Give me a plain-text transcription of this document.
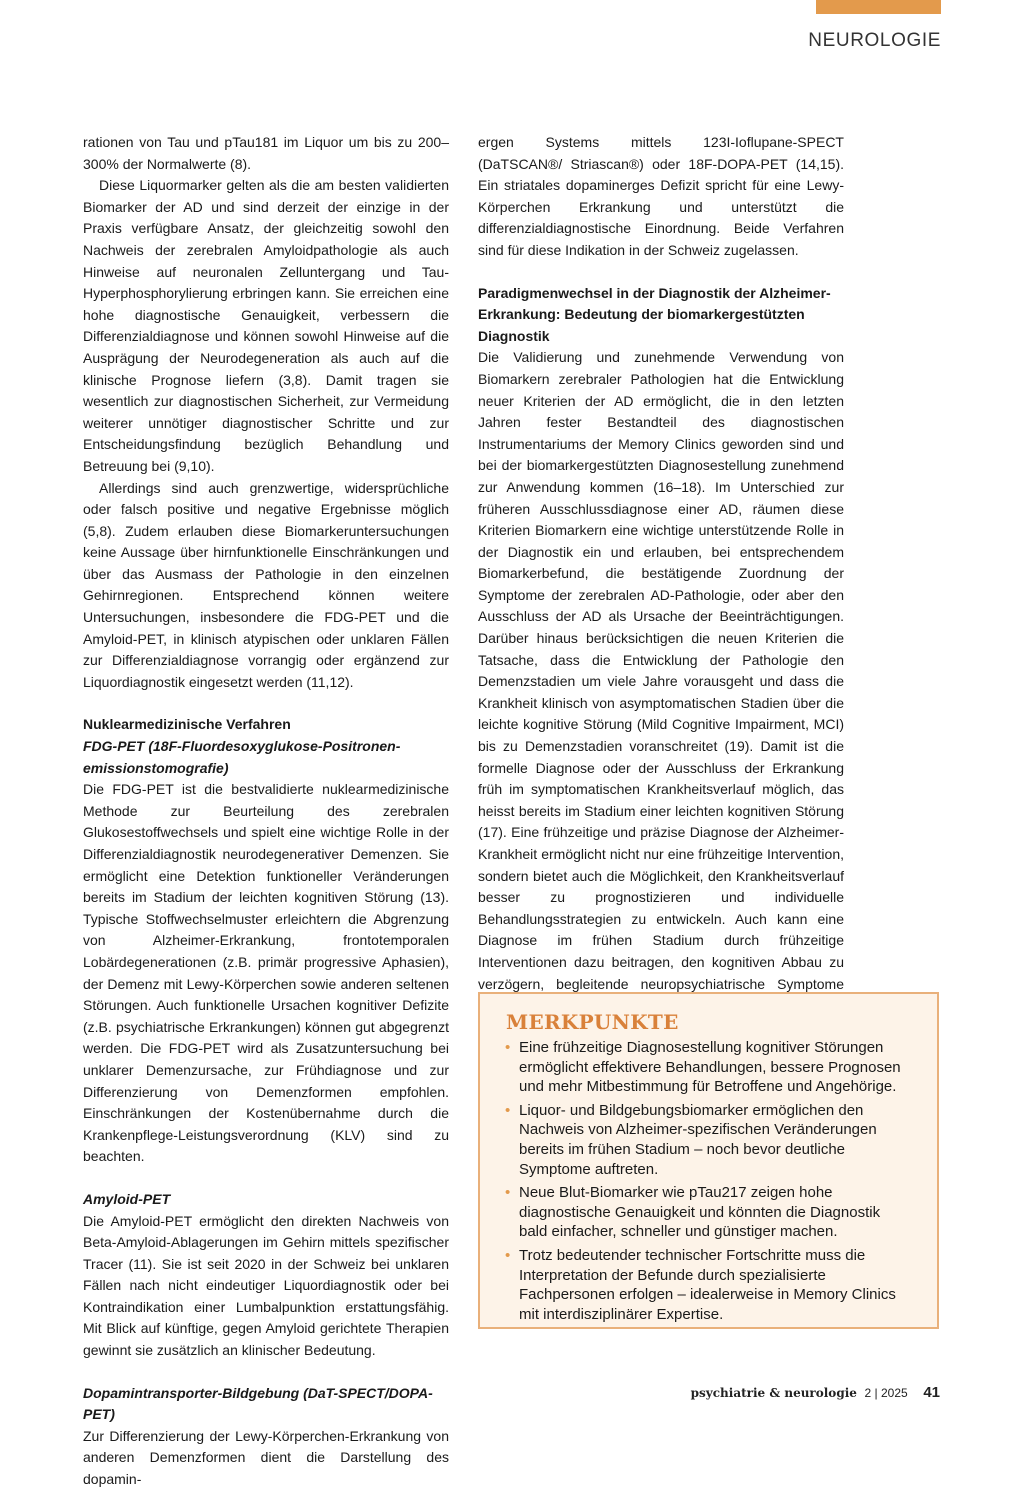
NEUROLOGIE

rationen von Tau und pTau181 im Liquor um bis zu 200–300% der Normalwerte (8).

Diese Liquormarker gelten als die am besten validierten Biomarker der AD und sind derzeit der einzige in der Praxis verfügbare Ansatz, der gleichzeitig sowohl den Nachweis der zerebralen Amyloidpathologie als auch Hinweise auf neuronalen Zelluntergang und Tau-Hyperphosphorylierung erbringen kann. Sie erreichen eine hohe diagnostische Genauigkeit, verbessern die Differenzialdiagnose und können sowohl Hinweise auf die Ausprägung der Neurodegeneration als auch auf die klinische Prognose liefern (3,8). Damit tragen sie wesentlich zur diagnostischen Sicherheit, zur Vermeidung weiterer unnötiger diagnostischer Schritte und zur Entscheidungsfindung bezüglich Behandlung und Betreuung bei (9,10).

Allerdings sind auch grenzwertige, widersprüchliche oder falsch positive und negative Ergebnisse möglich (5,8). Zudem erlauben diese Biomarkeruntersuchungen keine Aussage über hirnfunktionelle Einschränkungen und über das Ausmass der Pathologie in den einzelnen Gehirnregionen. Entsprechend können weitere Untersuchungen, insbesondere die FDG-PET und die Amyloid-PET, in klinisch atypischen oder unklaren Fällen zur Differenzialdiagnose vorrangig oder ergänzend zur Liquordiagnostik eingesetzt werden (11,12).

Nuklearmedizinische Verfahren
FDG-PET (18F-Fluordesoxyglukose-Positronen-emissionstomografie)

Die FDG-PET ist die bestvalidierte nuklearmedizinische Methode zur Beurteilung des zerebralen Glukosestoffwechsels und spielt eine wichtige Rolle in der Differenzialdiagnostik neurodegenerativer Demenzen. Sie ermöglicht eine Detektion funktioneller Veränderungen bereits im Stadium der leichten kognitiven Störung (13). Typische Stoffwechselmuster erleichtern die Abgrenzung von Alzheimer-Erkrankung, frontotemporalen Lobärdegenerationen (z.B. primär progressive Aphasien), der Demenz mit Lewy-Körperchen sowie anderen seltenen Störungen. Auch funktionelle Ursachen kognitiver Defizite (z.B. psychiatrische Erkrankungen) können gut abgegrenzt werden. Die FDG-PET wird als Zusatzuntersuchung bei unklarer Demenzursache, zur Frühdiagnose und zur Differenzierung von Demenzformen empfohlen. Einschränkungen der Kostenübernahme durch die Krankenpflege-Leistungsverordnung (KLV) sind zu beachten.

Amyloid-PET

Die Amyloid-PET ermöglicht den direkten Nachweis von Beta-Amyloid-Ablagerungen im Gehirn mittels spezifischer Tracer (11). Sie ist seit 2020 in der Schweiz bei unklaren Fällen nach nicht eindeutiger Liquordiagnostik oder bei Kontraindikation einer Lumbalpunktion erstattungsfähig. Mit Blick auf künftige, gegen Amyloid gerichtete Therapien gewinnt sie zusätzlich an klinischer Bedeutung.

Dopamintransporter-Bildgebung (DaT-SPECT/DOPA-PET)

Zur Differenzierung der Lewy-Körperchen-Erkrankung von anderen Demenzformen dient die Darstellung des dopamin-

ergen Systems mittels 123I-Ioflupane-SPECT (DaTSCAN®/ Striascan®) oder 18F-DOPA-PET (14,15). Ein striatales dopaminerges Defizit spricht für eine Lewy-Körperchen Erkrankung und unterstützt die differenzialdiagnostische Einordnung. Beide Verfahren sind für diese Indikation in der Schweiz zugelassen.

Paradigmenwechsel in der Diagnostik der Alzheimer-Erkrankung: Bedeutung der biomarkergestützten Diagnostik

Die Validierung und zunehmende Verwendung von Biomarkern zerebraler Pathologien hat die Entwicklung neuer Kriterien der AD ermöglicht, die in den letzten Jahren fester Bestandteil des diagnostischen Instrumentariums der Memory Clinics geworden sind und bei der biomarkergestützten Diagnosestellung zunehmend zur Anwendung kommen (16–18). Im Unterschied zur früheren Ausschlussdiagnose einer AD, räumen diese Kriterien Biomarkern eine wichtige unterstützende Rolle in der Diagnostik ein und erlauben, bei entsprechendem Biomarkerbefund, die bestätigende Zuordnung der Symptome der zerebralen AD-Pathologie, oder aber den Ausschluss der AD als Ursache der Beeinträchtigungen. Darüber hinaus berücksichtigen die neuen Kriterien die Tatsache, dass die Entwicklung der Pathologie den Demenzstadien um viele Jahre vorausgeht und dass die Krankheit klinisch von asymptomatischen Stadien über die leichte kognitive Störung (Mild Cognitive Impairment, MCI) bis zu Demenzstadien voranschreitet (19). Damit ist die formelle Diagnose oder der Ausschluss der Erkrankung früh im symptomatischen Krankheitsverlauf möglich, das heisst bereits im Stadium einer leichten kognitiven Störung (17). Eine frühzeitige und präzise Diagnose der Alzheimer-Krankheit ermöglicht nicht nur eine frühzeitige Intervention, sondern bietet auch die Möglichkeit, den Krankheitsverlauf besser zu prognostizieren und individuelle Behandlungsstrategien zu entwickeln. Auch kann eine Diagnose im frühen Stadium durch frühzeitige Interventionen dazu beitragen, den kognitiven Abbau zu verzögern, begleitende neuropsychiatrische Symptome

MERKPUNKTE
• Eine frühzeitige Diagnosestellung kognitiver Störungen ermöglicht effektivere Behandlungen, bessere Prognosen und mehr Mitbestimmung für Betroffene und Angehörige.
• Liquor- und Bildgebungsbiomarker ermöglichen den Nachweis von Alzheimer-spezifischen Veränderungen bereits im frühen Stadium – noch bevor deutliche Symptome auftreten.
• Neue Blut-Biomarker wie pTau217 zeigen hohe diagnostische Genauigkeit und könnten die Diagnostik bald einfacher, schneller und günstiger machen.
• Trotz bedeutender technischer Fortschritte muss die Interpretation der Befunde durch spezialisierte Fachpersonen erfolgen – idealerweise in Memory Clinics mit interdisziplinärer Expertise.
psychiatrie & neurologie 2 | 2025 41
